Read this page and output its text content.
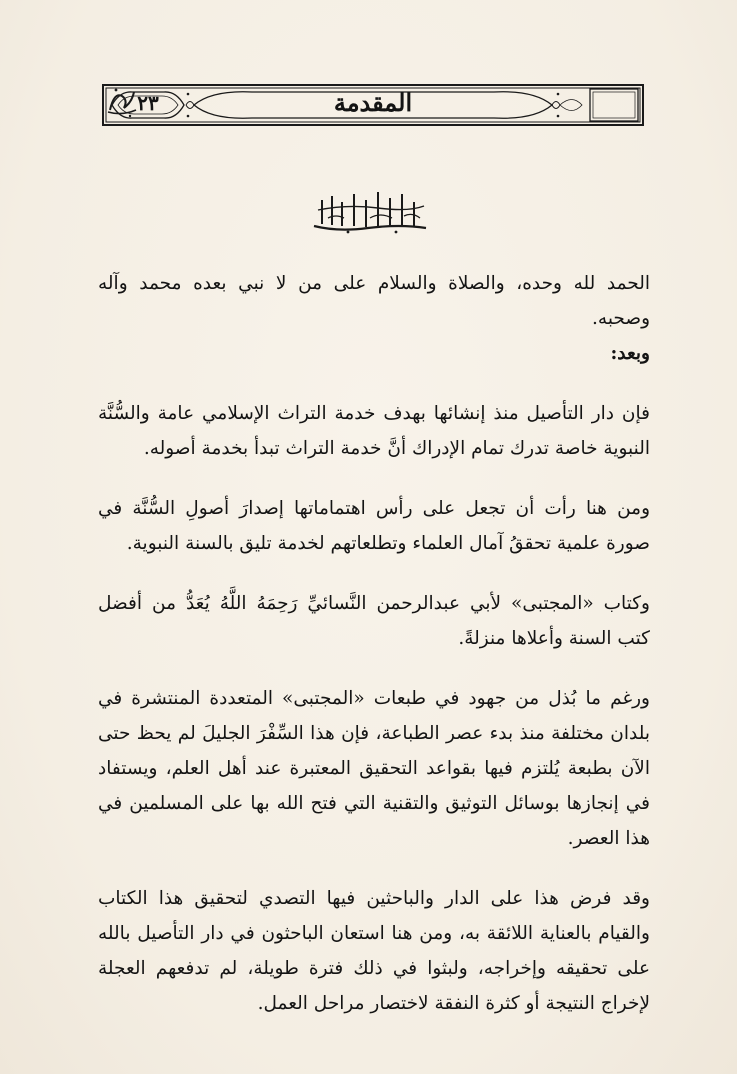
٢٣	المقدمة

الحمد لله وحده، والصلاة والسلام على من لا نبي بعده محمد وآله وصحبه.

وبعد:

فإن دار التأصيل منذ إنشائها بهدف خدمة التراث الإسلامي عامة والسُّنَّة النبوية خاصة تدرك تمام الإدراك أنَّ خدمة التراث تبدأ بخدمة أصوله.

ومن هنا رأت أن تجعل على رأس اهتماماتها إصدارَ أصولِ السُّنَّة في صورة علمية تحققُ آمال العلماء وتطلعاتهم لخدمة تليق بالسنة النبوية.

وكتاب «المجتبى» لأبي عبدالرحمن النَّسائيِّ رَحِمَهُ اللَّهُ يُعَدُّ من أفضل كتب السنة وأعلاها منزلةً.

ورغم ما بُذل من جهود في طبعات «المجتبى» المتعددة المنتشرة في بلدان مختلفة منذ بدء عصر الطباعة، فإن هذا السِّفْرَ الجليلَ لم يحظ حتى الآن بطبعة يُلتزم فيها بقواعد التحقيق المعتبرة عند أهل العلم، ويستفاد في إنجازها بوسائل التوثيق والتقنية التي فتح الله بها على المسلمين في هذا العصر.

وقد فرض هذا على الدار والباحثين فيها التصدي لتحقيق هذا الكتاب والقيام بالعناية اللائقة به، ومن هنا استعان الباحثون في دار التأصيل بالله على تحقيقه وإخراجه، ولبثوا في ذلك فترة طويلة، لم تدفعهم العجلة لإخراج النتيجة أو كثرة النفقة لاختصار مراحل العمل.
